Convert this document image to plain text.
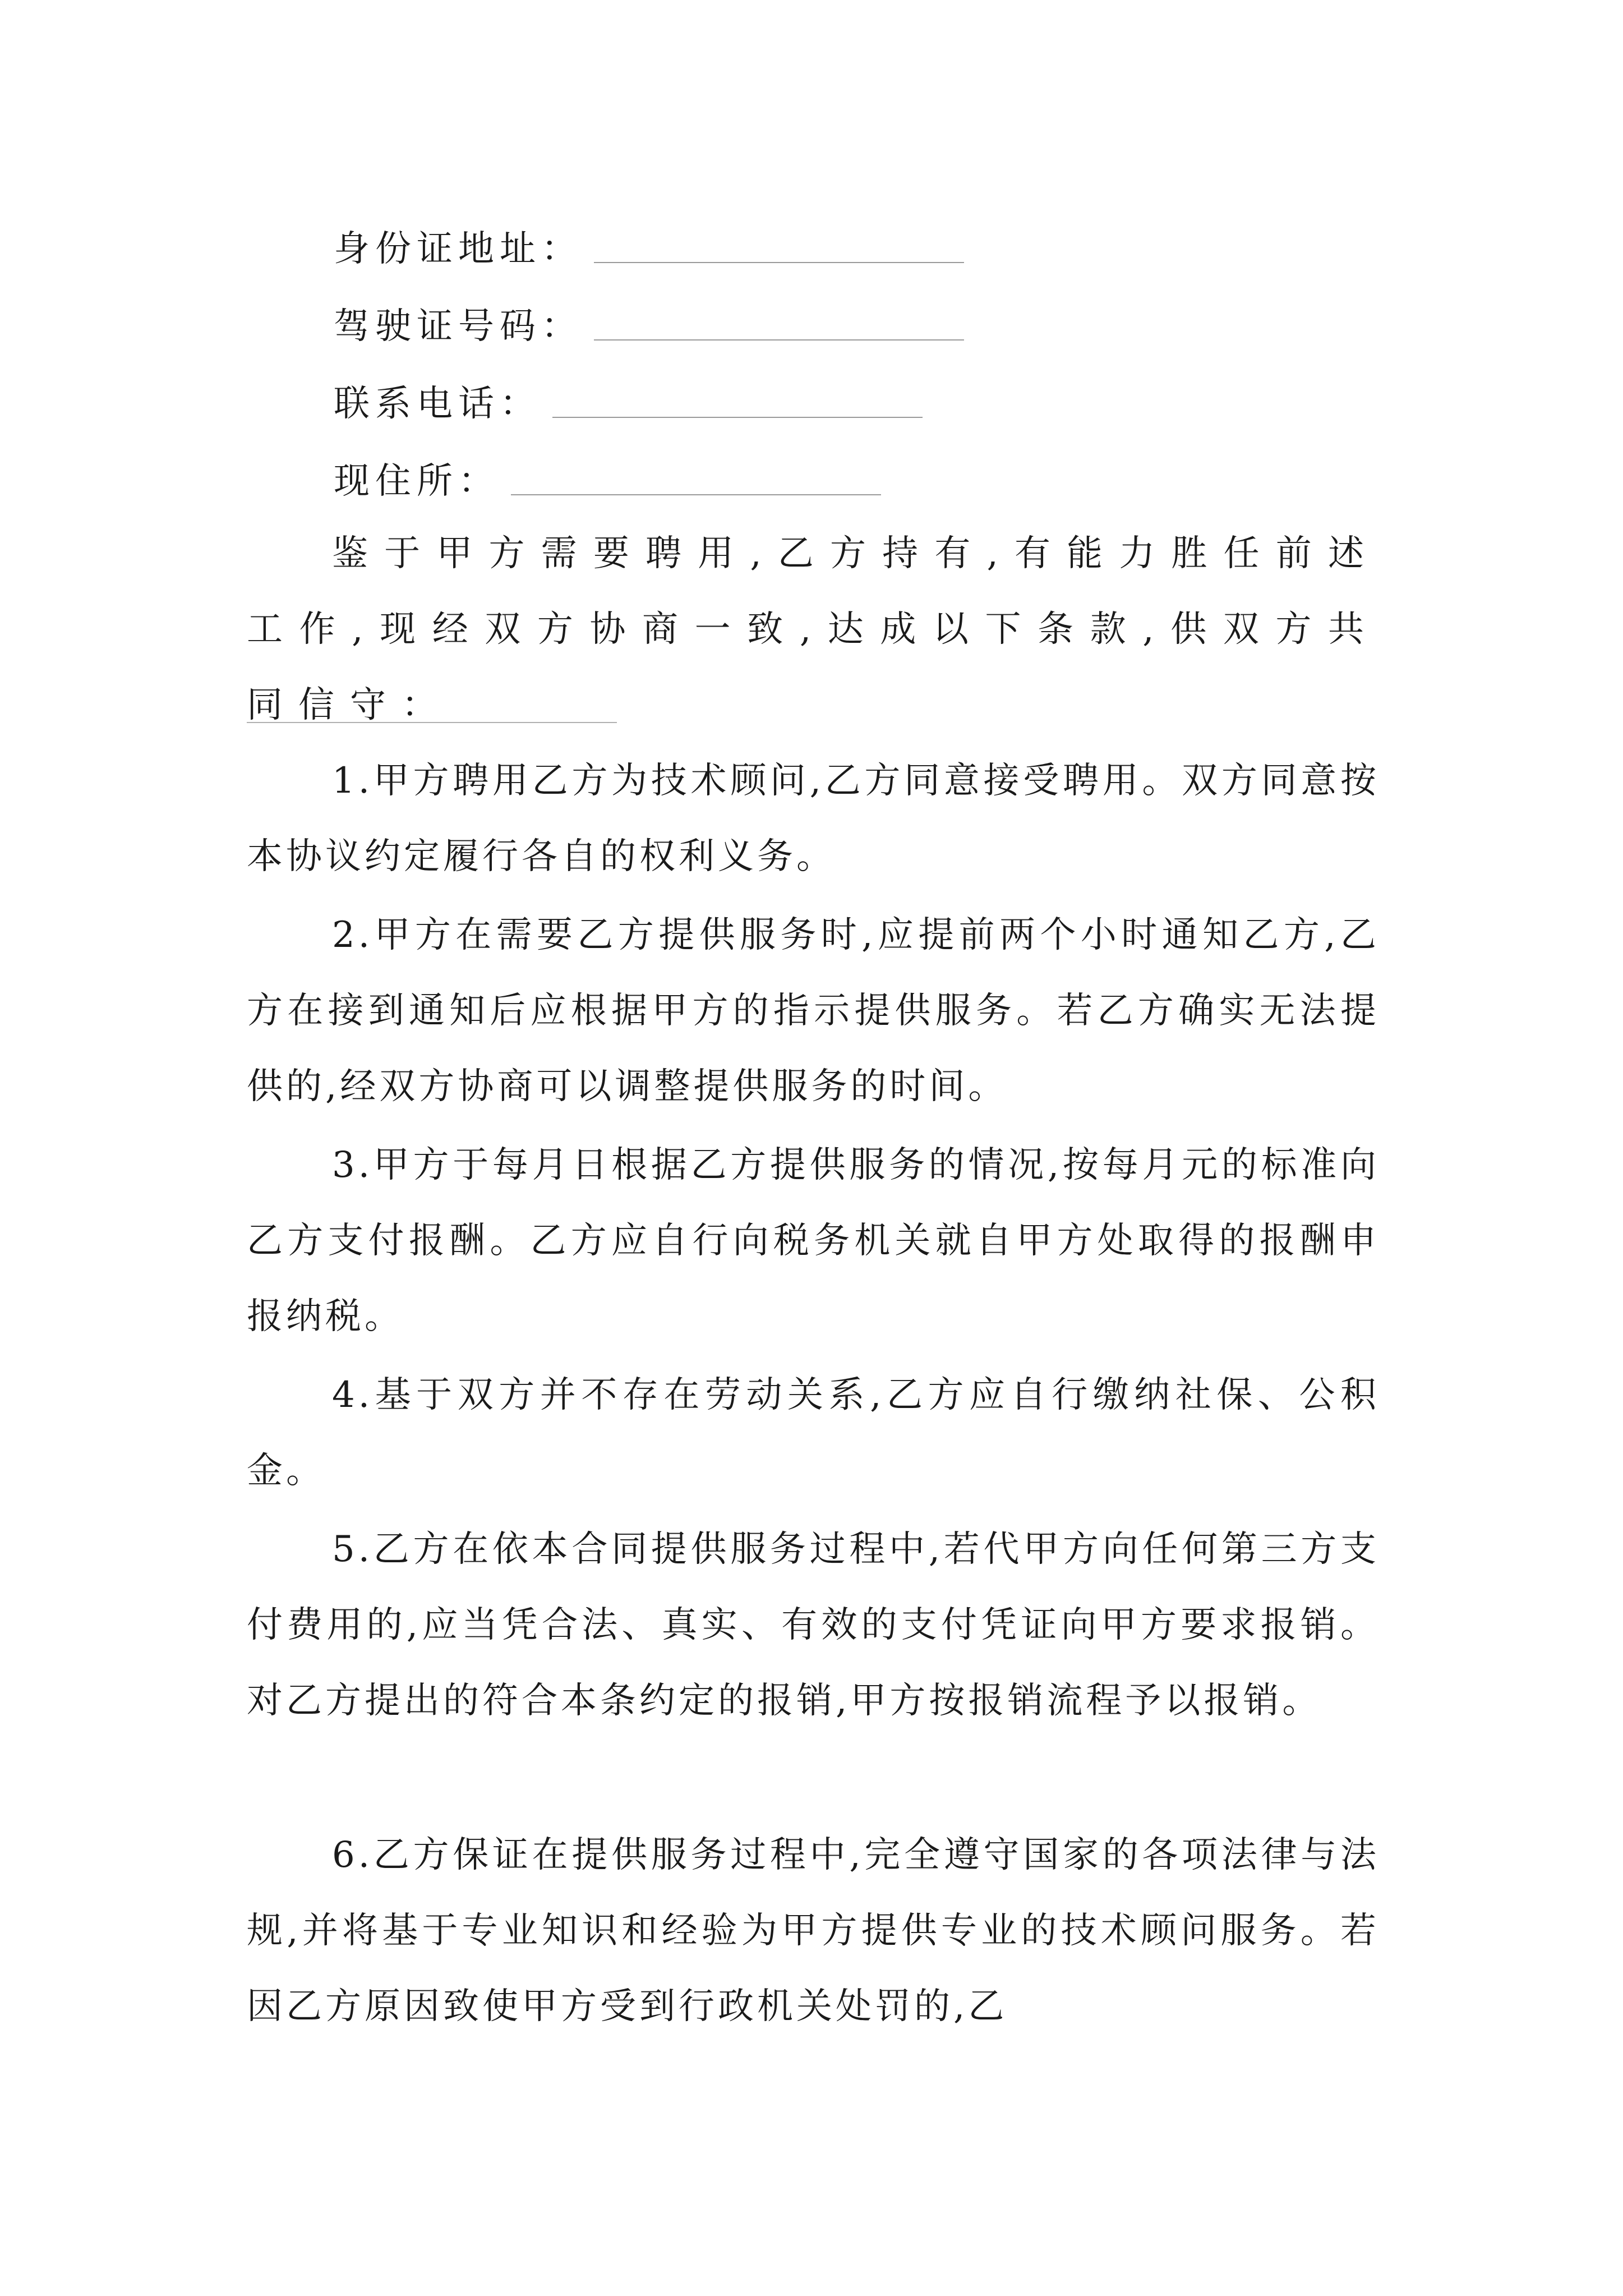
身份证地址：
驾驶证号码：
联系电话：
现住所：

鉴于甲方需要聘用,乙方持有,有能力胜任前述工作,现经双方协商一致,达成以下条款,供双方共同信守：

1.甲方聘用乙方为技术顾问,乙方同意接受聘用。双方同意按本协议约定履行各自的权利义务。

2.甲方在需要乙方提供服务时,应提前两个小时通知乙方,乙方在接到通知后应根据甲方的指示提供服务。若乙方确实无法提供的,经双方协商可以调整提供服务的时间。

3.甲方于每月日根据乙方提供服务的情况,按每月元的标准向乙方支付报酬。乙方应自行向税务机关就自甲方处取得的报酬申报纳税。

4.基于双方并不存在劳动关系,乙方应自行缴纳社保、公积金。

5.乙方在依本合同提供服务过程中,若代甲方向任何第三方支付费用的,应当凭合法、真实、有效的支付凭证向甲方要求报销。对乙方提出的符合本条约定的报销,甲方按报销流程予以报销。

6.乙方保证在提供服务过程中,完全遵守国家的各项法律与法规,并将基于专业知识和经验为甲方提供专业的技术顾问服务。若因乙方原因致使甲方受到行政机关处罚的,乙
